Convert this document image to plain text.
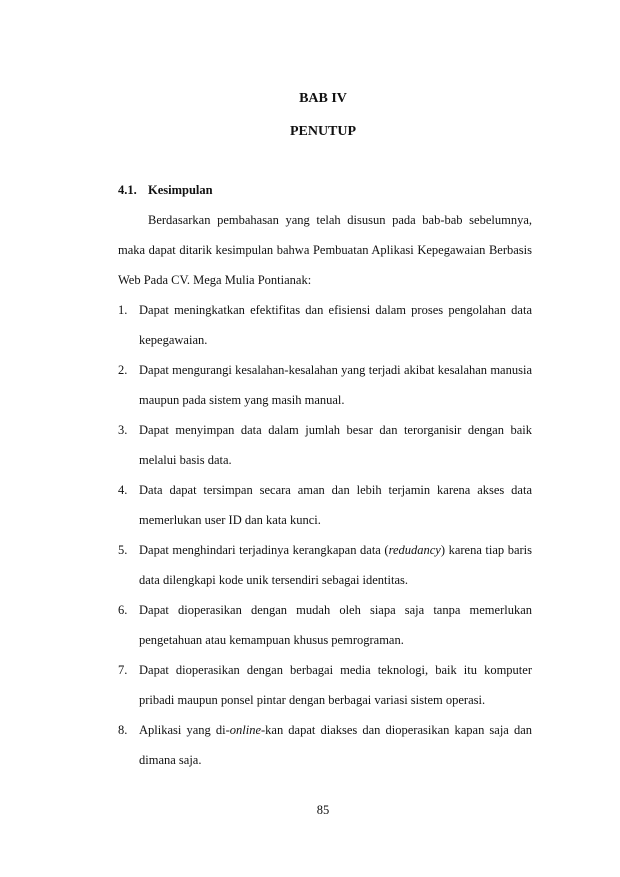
BAB IV
PENUTUP
4.1. Kesimpulan

Berdasarkan pembahasan yang telah disusun pada bab-bab sebelumnya, maka dapat ditarik kesimpulan bahwa Pembuatan Aplikasi Kepegawaian Berbasis Web Pada CV. Mega Mulia Pontianak:

1. Dapat meningkatkan efektifitas dan efisiensi dalam proses pengolahan data kepegawaian.
2. Dapat mengurangi kesalahan-kesalahan yang terjadi akibat kesalahan manusia maupun pada sistem yang masih manual.
3. Dapat menyimpan data dalam jumlah besar dan terorganisir dengan baik melalui basis data.
4. Data dapat tersimpan secara aman dan lebih terjamin karena akses data memerlukan user ID dan kata kunci.
5. Dapat menghindari terjadinya kerangkapan data (redudancy) karena tiap baris data dilengkapi kode unik tersendiri sebagai identitas.
6. Dapat dioperasikan dengan mudah oleh siapa saja tanpa memerlukan pengetahuan atau kemampuan khusus pemrograman.
7. Dapat dioperasikan dengan berbagai media teknologi, baik itu komputer pribadi maupun ponsel pintar dengan berbagai variasi sistem operasi.
8. Aplikasi yang di-online-kan dapat diakses dan dioperasikan kapan saja dan dimana saja.
85
